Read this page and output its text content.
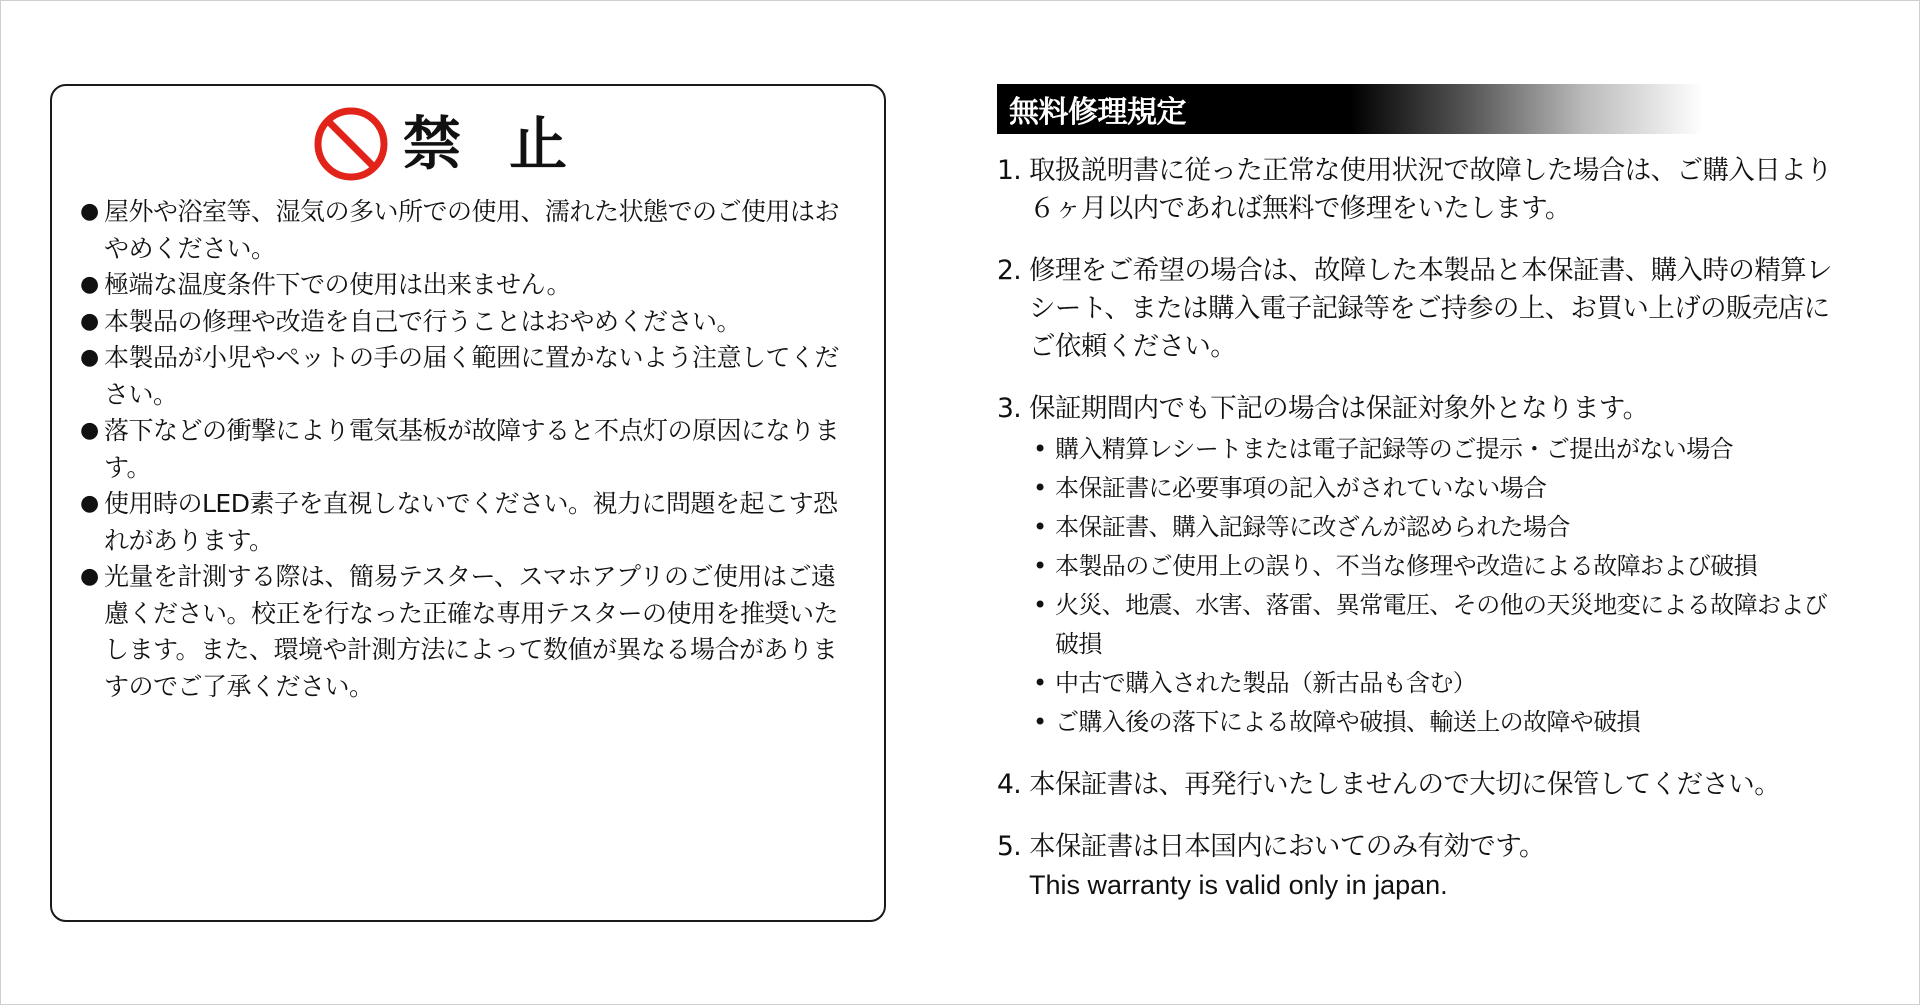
禁 止
● 屋外や浴室等、湿気の多い所での使用、濡れた状態でのご使用はおやめください。
● 極端な温度条件下での使用は出来ません。
● 本製品の修理や改造を自己で行うことはおやめください。
● 本製品が小児やペットの手の届く範囲に置かないよう注意してください。
● 落下などの衝撃により電気基板が故障すると不点灯の原因になります。
● 使用時のLED素子を直視しないでください。視力に問題を起こす恐れがあります。
● 光量を計測する際は、簡易テスター、スマホアプリのご使用はご遠慮ください。校正を行なった正確な専用テスターの使用を推奨いたします。また、環境や計測方法によって数値が異なる場合がありますのでご了承ください。
無料修理規定
1. 取扱説明書に従った正常な使用状況で故障した場合は、ご購入日より６ヶ月以内であれば無料で修理をいたします。
2. 修理をご希望の場合は、故障した本製品と本保証書、購入時の精算レシート、または購入電子記録等をご持参の上、お買い上げの販売店にご依頼ください。
3. 保証期間内でも下記の場合は保証対象外となります。
• 購入精算レシートまたは電子記録等のご提示・ご提出がない場合
• 本保証書に必要事項の記入がされていない場合
• 本保証書、購入記録等に改ざんが認められた場合
• 本製品のご使用上の誤り、不当な修理や改造による故障および破損
• 火災、地震、水害、落雷、異常電圧、その他の天災地変による故障および破損
• 中古で購入された製品（新古品も含む）
• ご購入後の落下による故障や破損、輸送上の故障や破損
4. 本保証書は、再発行いたしませんので大切に保管してください。
5. 本保証書は日本国内においてのみ有効です。
This warranty is valid only in japan.
